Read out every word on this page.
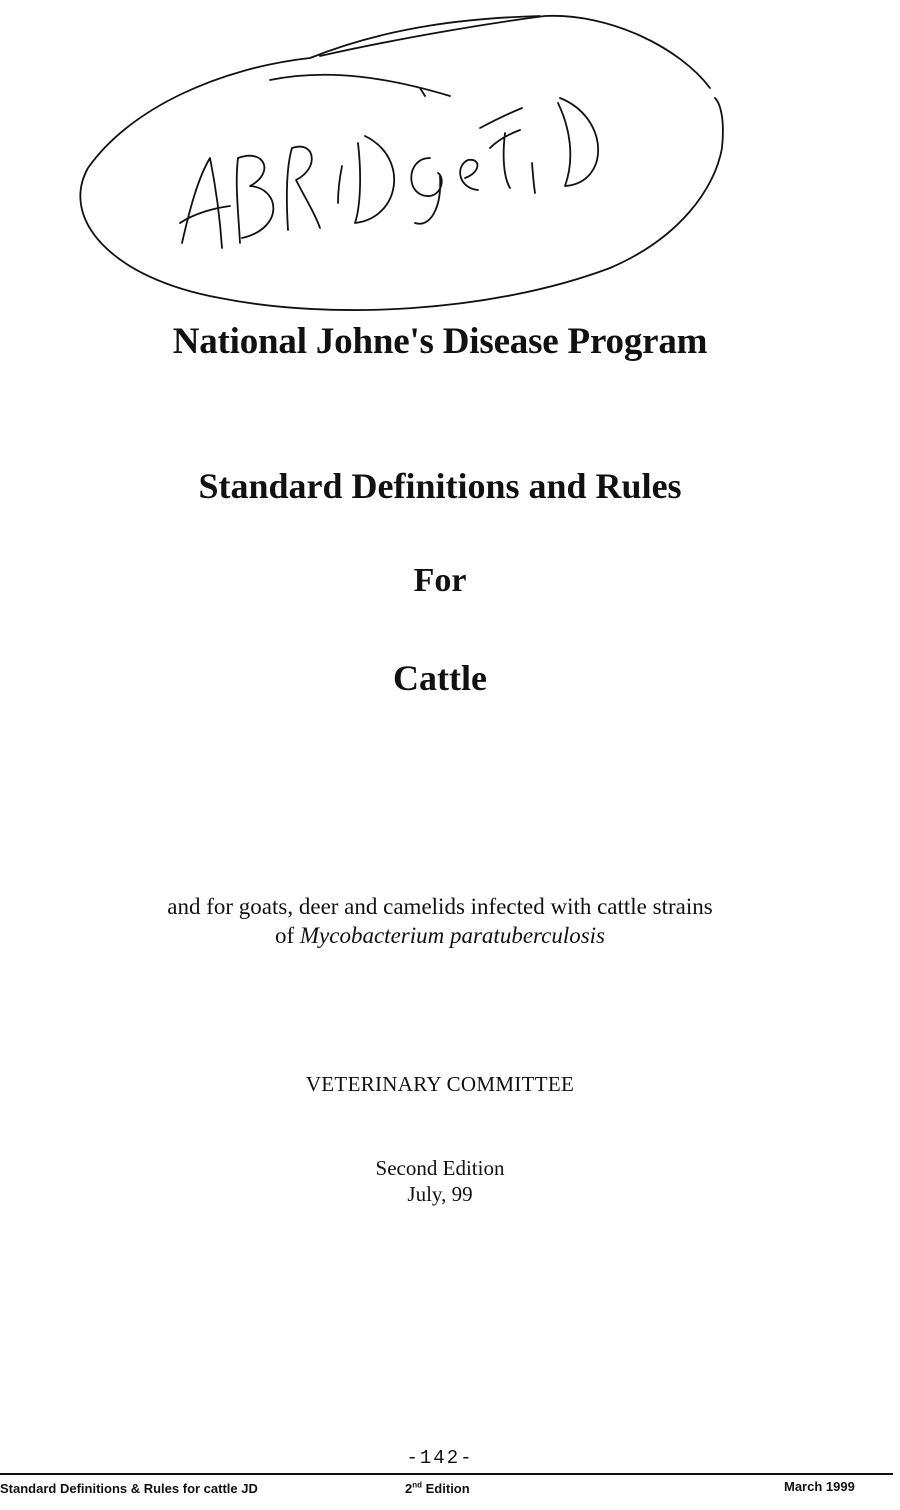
National Johne's Disease Program
Standard Definitions and Rules
For
Cattle

and for goats, deer and camelids infected with cattle strains
of Mycobacterium paratuberculosis

VETERINARY COMMITTEE

Second Edition
July, 99

-142-
Standard Definitions & Rules for cattle JD	2nd Edition	March 1999
